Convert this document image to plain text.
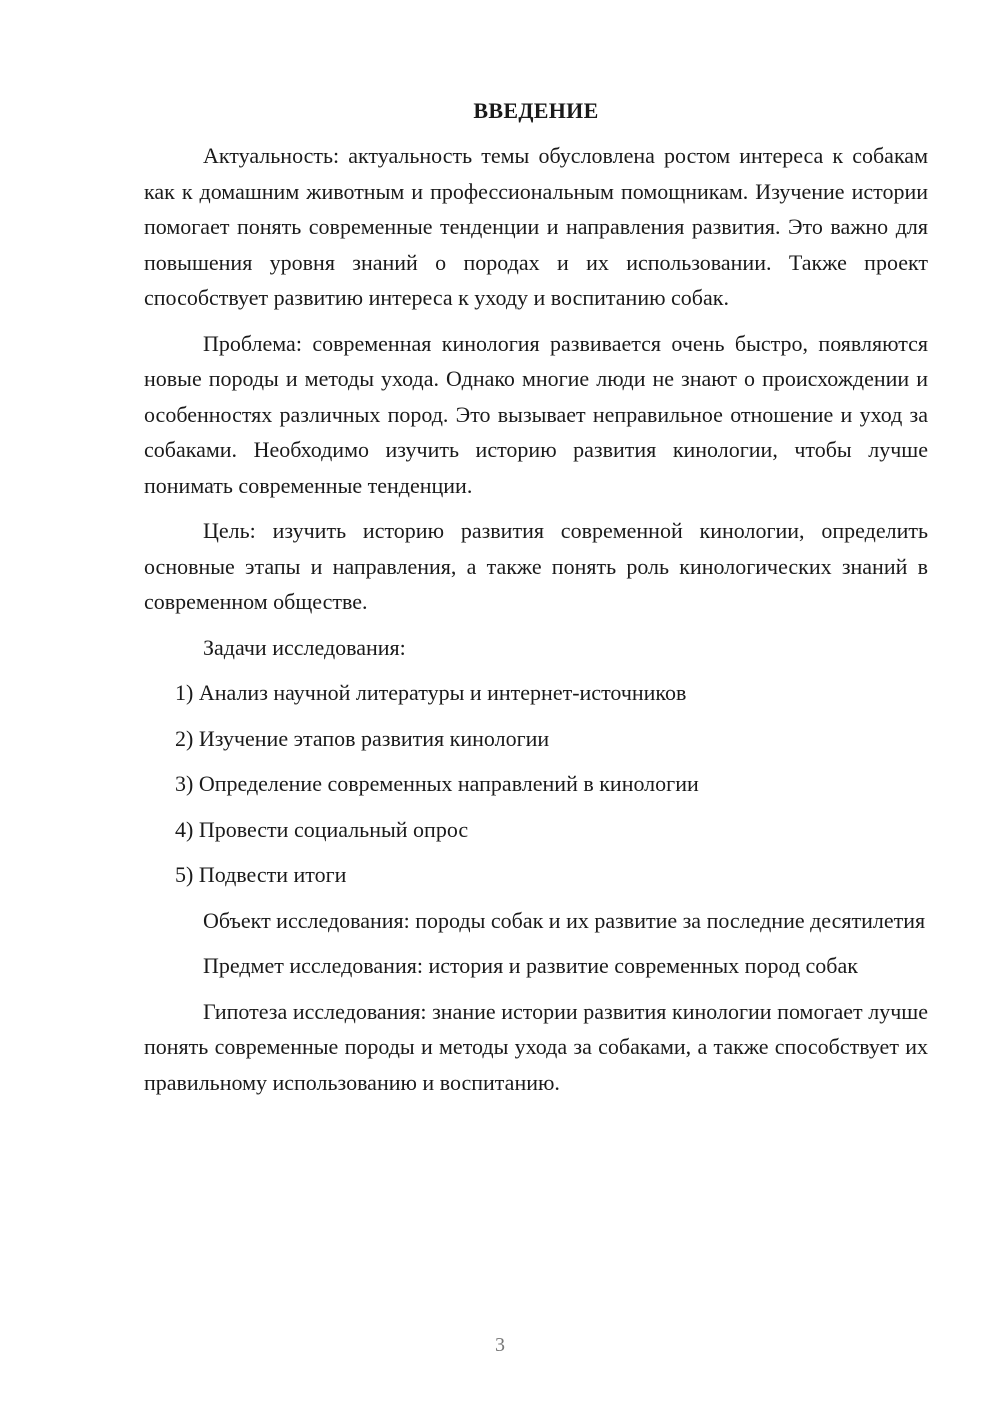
ВВЕДЕНИЕ

Актуальность: актуальность темы обусловлена ростом интереса к собакам как к домашним животным и профессиональным помощникам. Изучение истории помогает понять современные тенденции и направления развития. Это важно для повышения уровня знаний о породах и их использовании. Также проект способствует развитию интереса к уходу и воспитанию собак.

Проблема: современная кинология развивается очень быстро, появляются новые породы и методы ухода. Однако многие люди не знают о происхождении и особенностях различных пород. Это вызывает неправильное отношение и уход за собаками. Необходимо изучить историю развития кинологии, чтобы лучше понимать современные тенденции.

Цель: изучить историю развития современной кинологии, определить основные этапы и направления, а также понять роль кинологических знаний в современном обществе.

Задачи исследования:

1) Анализ научной литературы и интернет-источников
2) Изучение этапов развития кинологии
3) Определение современных направлений в кинологии
4) Провести социальный опрос
5) Подвести итоги

Объект исследования: породы собак и их развитие за последние десятилетия

Предмет исследования: история и развитие современных пород собак

Гипотеза исследования: знание истории развития кинологии помогает лучше понять современные породы и методы ухода за собаками, а также способствует их правильному использованию и воспитанию.

3
